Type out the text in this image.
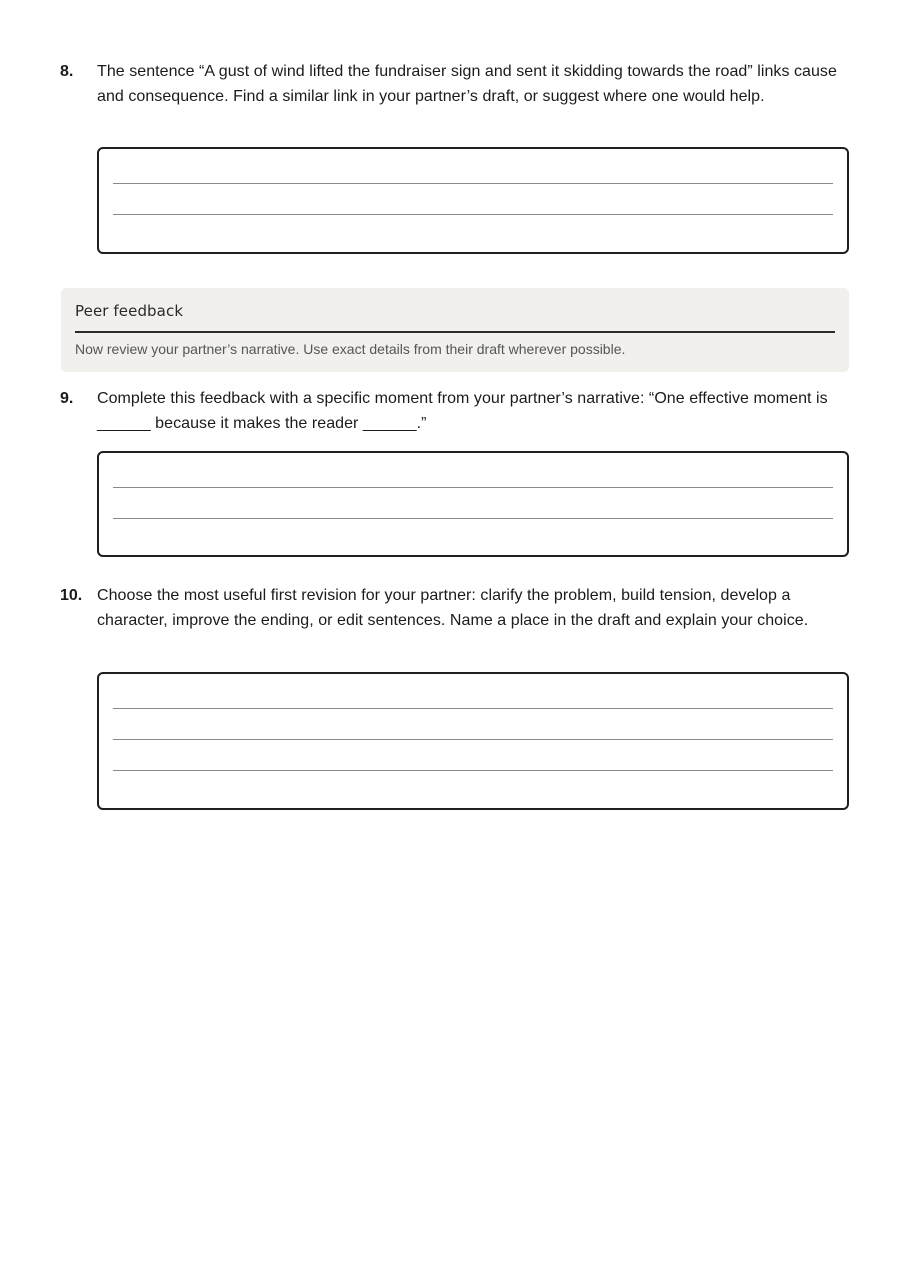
8.	The sentence “A gust of wind lifted the fundraiser sign and sent it skidding towards the road” links cause and consequence. Find a similar link in your partner’s draft, or suggest where one would help.
Peer feedback
Now review your partner’s narrative. Use exact details from their draft wherever possible.
9.	Complete this feedback with a specific moment from your partner’s narrative: “One effective moment is ______ because it makes the reader ______.”
10. Choose the most useful first revision for your partner: clarify the problem, build tension, develop a character, improve the ending, or edit sentences. Name a place in the draft and explain your choice.
